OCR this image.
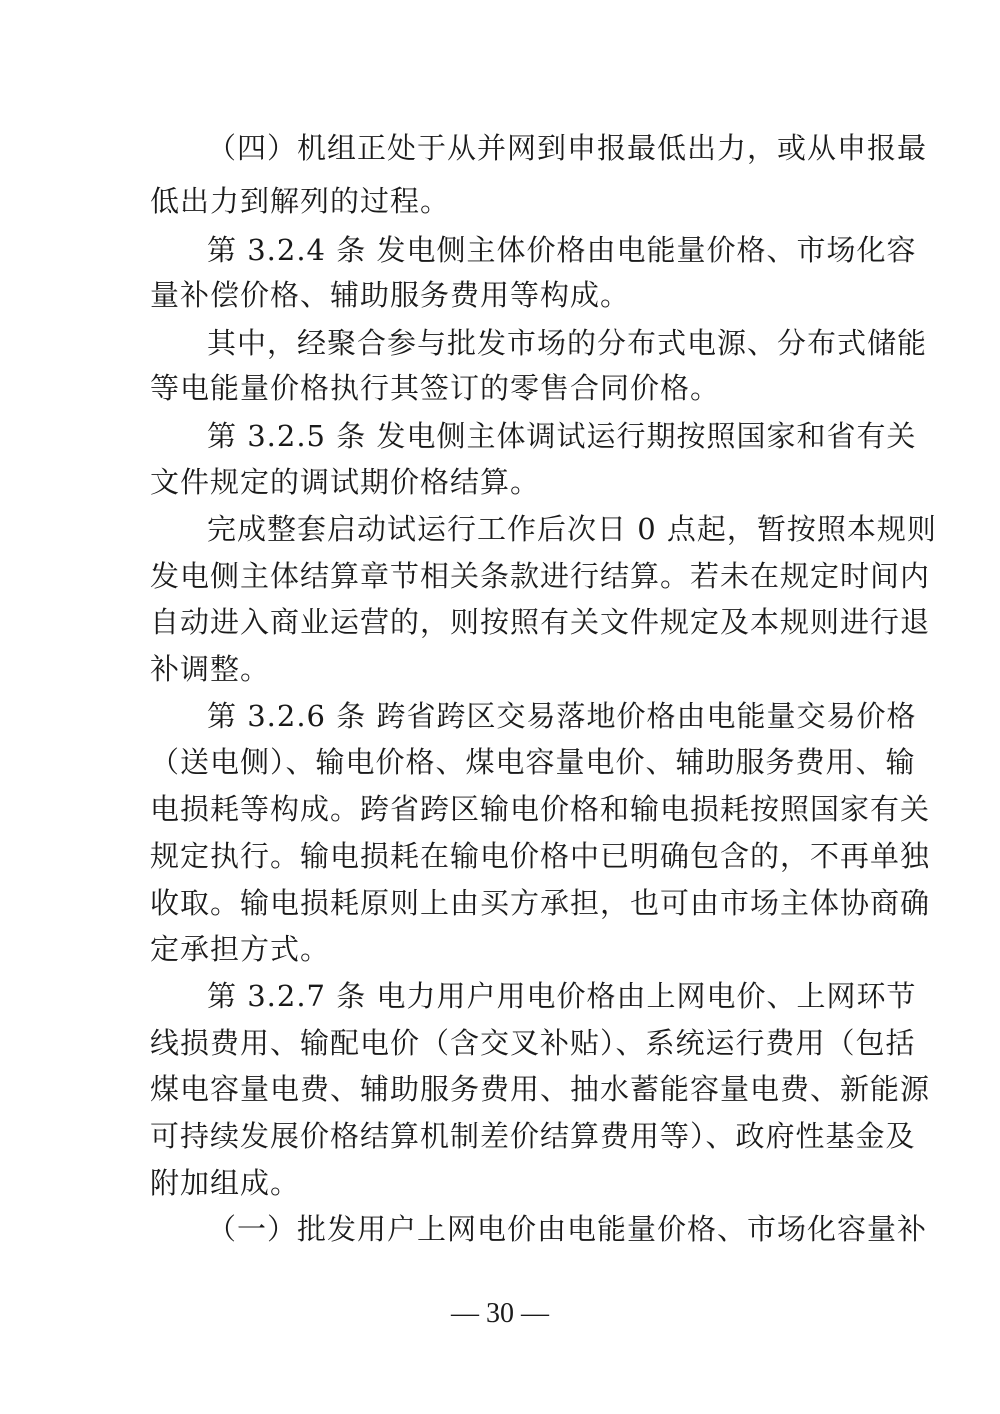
（四）机组正处于从并网到申报最低出力，或从申报最
低出力到解列的过程。
第 3.2.4 条 发电侧主体价格由电能量价格、市场化容
量补偿价格、辅助服务费用等构成。
其中，经聚合参与批发市场的分布式电源、分布式储能
等电能量价格执行其签订的零售合同价格。
第 3.2.5 条 发电侧主体调试运行期按照国家和省有关
文件规定的调试期价格结算。
完成整套启动试运行工作后次日 0 点起，暂按照本规则
发电侧主体结算章节相关条款进行结算。若未在规定时间内
自动进入商业运营的，则按照有关文件规定及本规则进行退
补调整。
第 3.2.6 条 跨省跨区交易落地价格由电能量交易价格
（送电侧）、输电价格、煤电容量电价、辅助服务费用、输
电损耗等构成。跨省跨区输电价格和输电损耗按照国家有关
规定执行。输电损耗在输电价格中已明确包含的，不再单独
收取。输电损耗原则上由买方承担，也可由市场主体协商确
定承担方式。
第 3.2.7 条 电力用户用电价格由上网电价、上网环节
线损费用、输配电价（含交叉补贴）、系统运行费用（包括
煤电容量电费、辅助服务费用、抽水蓄能容量电费、新能源
可持续发展价格结算机制差价结算费用等）、政府性基金及
附加组成。
（一）批发用户上网电价由电能量价格、市场化容量补
— 30 —
